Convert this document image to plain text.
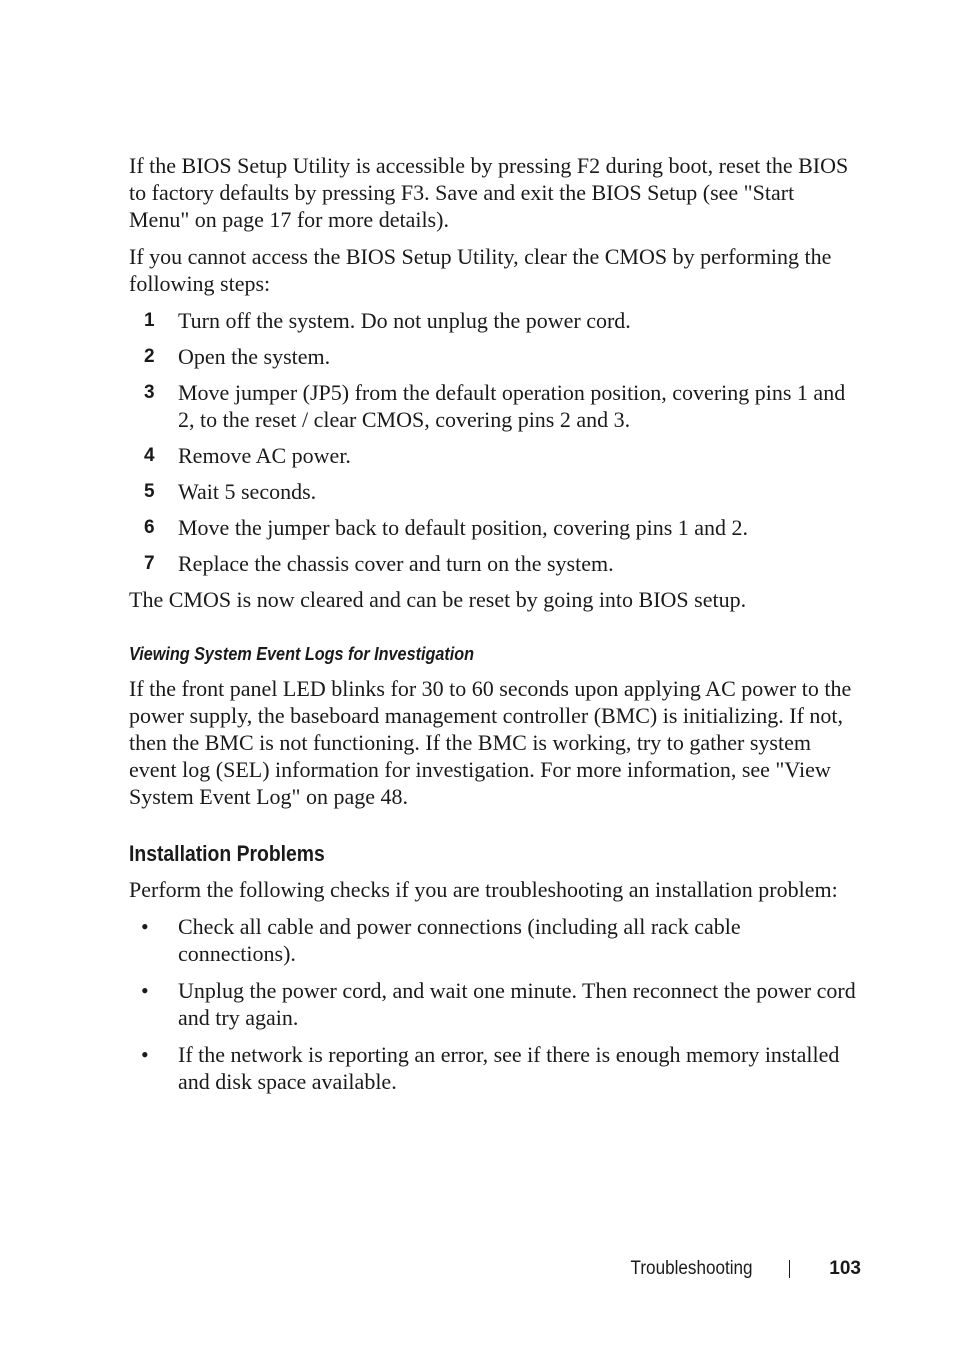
If the BIOS Setup Utility is accessible by pressing F2 during boot, reset the BIOS to factory defaults by pressing F3. Save and exit the BIOS Setup (see "Start Menu" on page 17 for more details).

If you cannot access the BIOS Setup Utility, clear the CMOS by performing the following steps:

1 Turn off the system. Do not unplug the power cord.
2 Open the system.
3 Move jumper (JP5) from the default operation position, covering pins 1 and 2, to the reset / clear CMOS, covering pins 2 and 3.
4 Remove AC power.
5 Wait 5 seconds.
6 Move the jumper back to default position, covering pins 1 and 2.
7 Replace the chassis cover and turn on the system.

The CMOS is now cleared and can be reset by going into BIOS setup.

Viewing System Event Logs for Investigation

If the front panel LED blinks for 30 to 60 seconds upon applying AC power to the power supply, the baseboard management controller (BMC) is initializing. If not, then the BMC is not functioning. If the BMC is working, try to gather system event log (SEL) information for investigation. For more information, see "View System Event Log" on page 48.

Installation Problems

Perform the following checks if you are troubleshooting an installation problem:

• Check all cable and power connections (including all rack cable connections).
• Unplug the power cord, and wait one minute. Then reconnect the power cord and try again.
• If the network is reporting an error, see if there is enough memory installed and disk space available.
Troubleshooting	103
